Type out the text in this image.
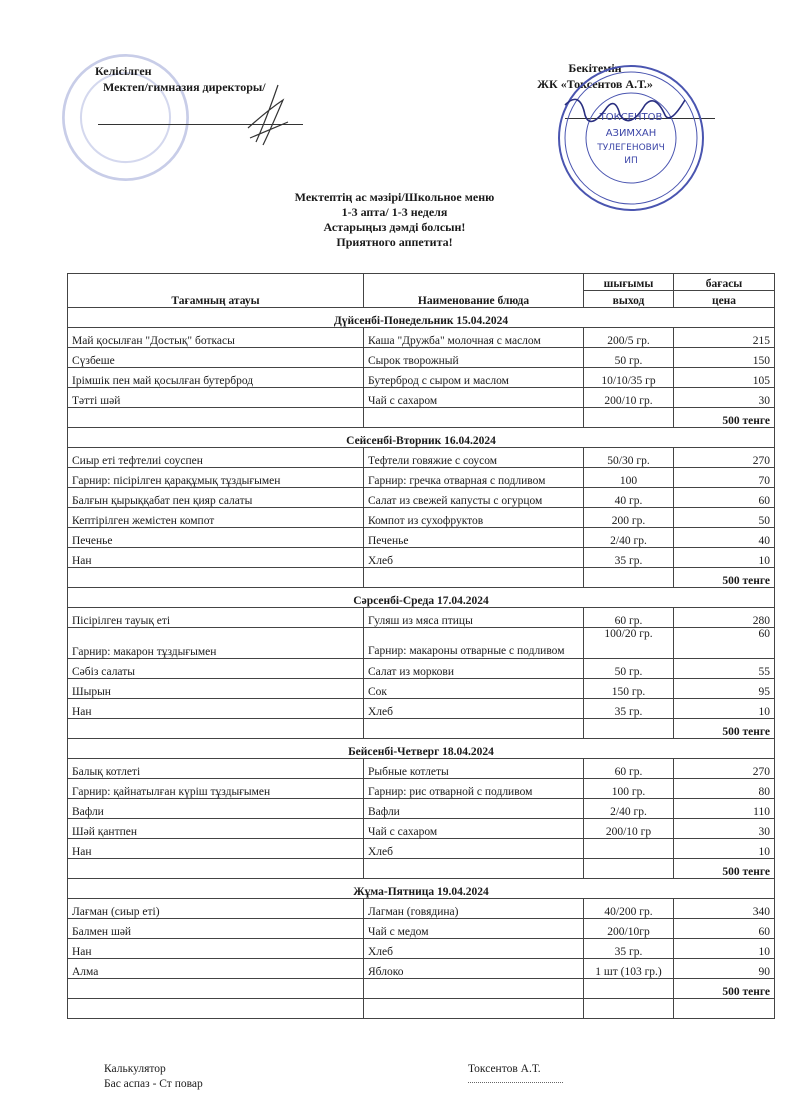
Келісілген
Мектеп/гимназия директоры/
Бекітемін
ЖК «Токсентов А.Т.»
ТОКСЕНТОВ
АЗИМХАН
ТУЛЕГЕНОВИЧ
ИП
Мектептің ас мәзірі/Школьное меню
1-3 апта/ 1-3 неделя
Астарыңыз дәмді болсын!
Приятного аппетита!
Тағамның атауы	Наименование блюда	шығымы	бағасы
		выход	цена
Дүйсенбі-Понедельник 15.04.2024			
Май қосылған "Достық" боткасы	Каша "Дружба" молочная с маслом	200/5 гр.	215
Сүзбеше	Сырок творожный	50 гр.	150
Ірімшік пен май қосылған бутерброд	Бутерброд с сыром и маслом	10/10/35 гр	105
Тәтті шәй	Чай с сахаром	200/10 гр.	30
			500 тенге
Сейсенбі-Вторник 16.04.2024			
Сиыр еті тефтелиі соуспен	Тефтели говяжие с соусом	50/30 гр.	270
Гарнир: пісірілген қарақұмық тұздығымен	Гарнир: гречка отварная с подливом	100	70
Балғын қырыққабат пен қияр салаты	Салат из свежей капусты с огурцом	40 гр.	60
Кептірілген жемістен компот	Компот из сухофруктов	200 гр.	50
Печенье	Печенье	2/40 гр.	40
Нан	Хлеб	35 гр.	10
			500 тенге
Сәрсенбі-Среда 17.04.2024			
Пісірілген тауық еті	Гуляш из мяса птицы	60 гр.	280
Гарнир: макарон тұздығымен	Гарнир: макароны отварные с подливом	100/20 гр.	60
Сәбіз салаты	Салат из моркови	50 гр.	55
Шырын	Сок	150 гр.	95
Нан	Хлеб	35 гр.	10
			500 тенге
Бейсенбі-Четверг 18.04.2024			
Балық котлеті	Рыбные котлеты	60 гр.	270
Гарнир: қайнатылған күріш тұздығымен	Гарнир: рис отварной с подливом	100 гр.	80
Вафли	Вафли	2/40 гр.	110
Шәй қантпен	Чай с сахаром	200/10 гр	30
Нан	Хлеб		10
			500 тенге
Жұма-Пятница 19.04.2024			
Лағман (сиыр еті)	Лагман (говядина)	40/200 гр.	340
Балмен шәй	Чай с медом	200/10гр	60
Нан	Хлеб	35 гр.	10
Алма	Яблоко	1 шт (103 гр.)	90
			500 тенге

Калькулятор
Бас аспаз - Ст повар
Токсентов А.Т.
